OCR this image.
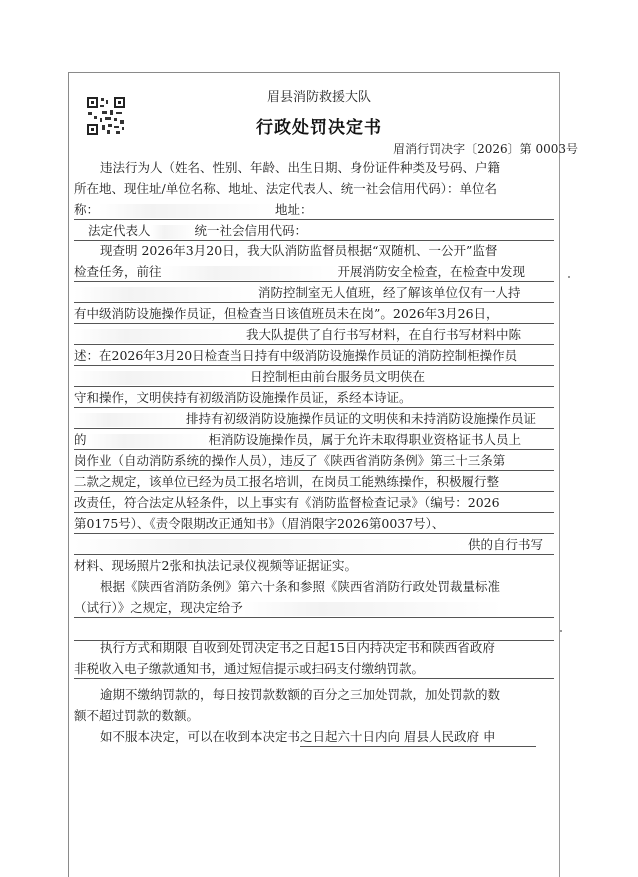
眉县消防救援大队
行政处罚决定书
眉消行罚决字〔2026〕第 0003号
违法行为人（姓名、性别、年龄、出生日期、身份证件种类及号码、户籍
所在地、现住址/单位名称、地址、法定代表人、统一社会信用代码）：单位名
称：	地址：
法定代表人	统一社会信用代码：
现查明 2026年3月20日，我大队消防监督员根据“双随机、一公开”监督
检查任务，前往	开展消防安全检查，在检查中发现
消防控制室无人值班，经了解该单位仅有一人持
有中级消防设施操作员证，但检查当日该值班员未在岗”。2026年3月26日，
我大队提供了自行书写材料，在自行书写材料中陈
述：在2026年3月20日检查当日持有中级消防设施操作员证的消防控制柜操作员
日控制柜由前台服务员文明侠在
守和操作，文明侠持有初级消防设施操作员证，系经本诗证。
排持有初级消防设施操作员证的文明侠和未持消防设施操作员证
的	柜消防设施操作员，属于允许未取得职业资格证书人员上
岗作业（自动消防系统的操作人员），违反了《陕西省消防条例》第三十三条第
二款之规定，该单位已经为员工报名培训，在岗员工能熟练操作，积极履行整
改责任，符合法定从轻条件，以上事实有《消防监督检查记录》（编号：2026
第0175号）、《责令限期改正通知书》（眉消限字2026第0037号）、
供的自行书写
材料、现场照片2张和执法记录仪视频等证据证实。
根据《陕西省消防条例》第六十条和参照《陕西省消防行政处罚裁量标准
（试行）》之规定，现决定给予
执行方式和期限 自收到处罚决定书之日起15日内持决定书和陕西省政府
非税收入电子缴款通知书，通过短信提示或扫码支付缴纳罚款。
逾期不缴纳罚款的，每日按罚款数额的百分之三加处罚款，加处罚款的数
额不超过罚款的数额。
如不服本决定，可以在收到本决定书之日起六十日内向 眉县人民政府 申
